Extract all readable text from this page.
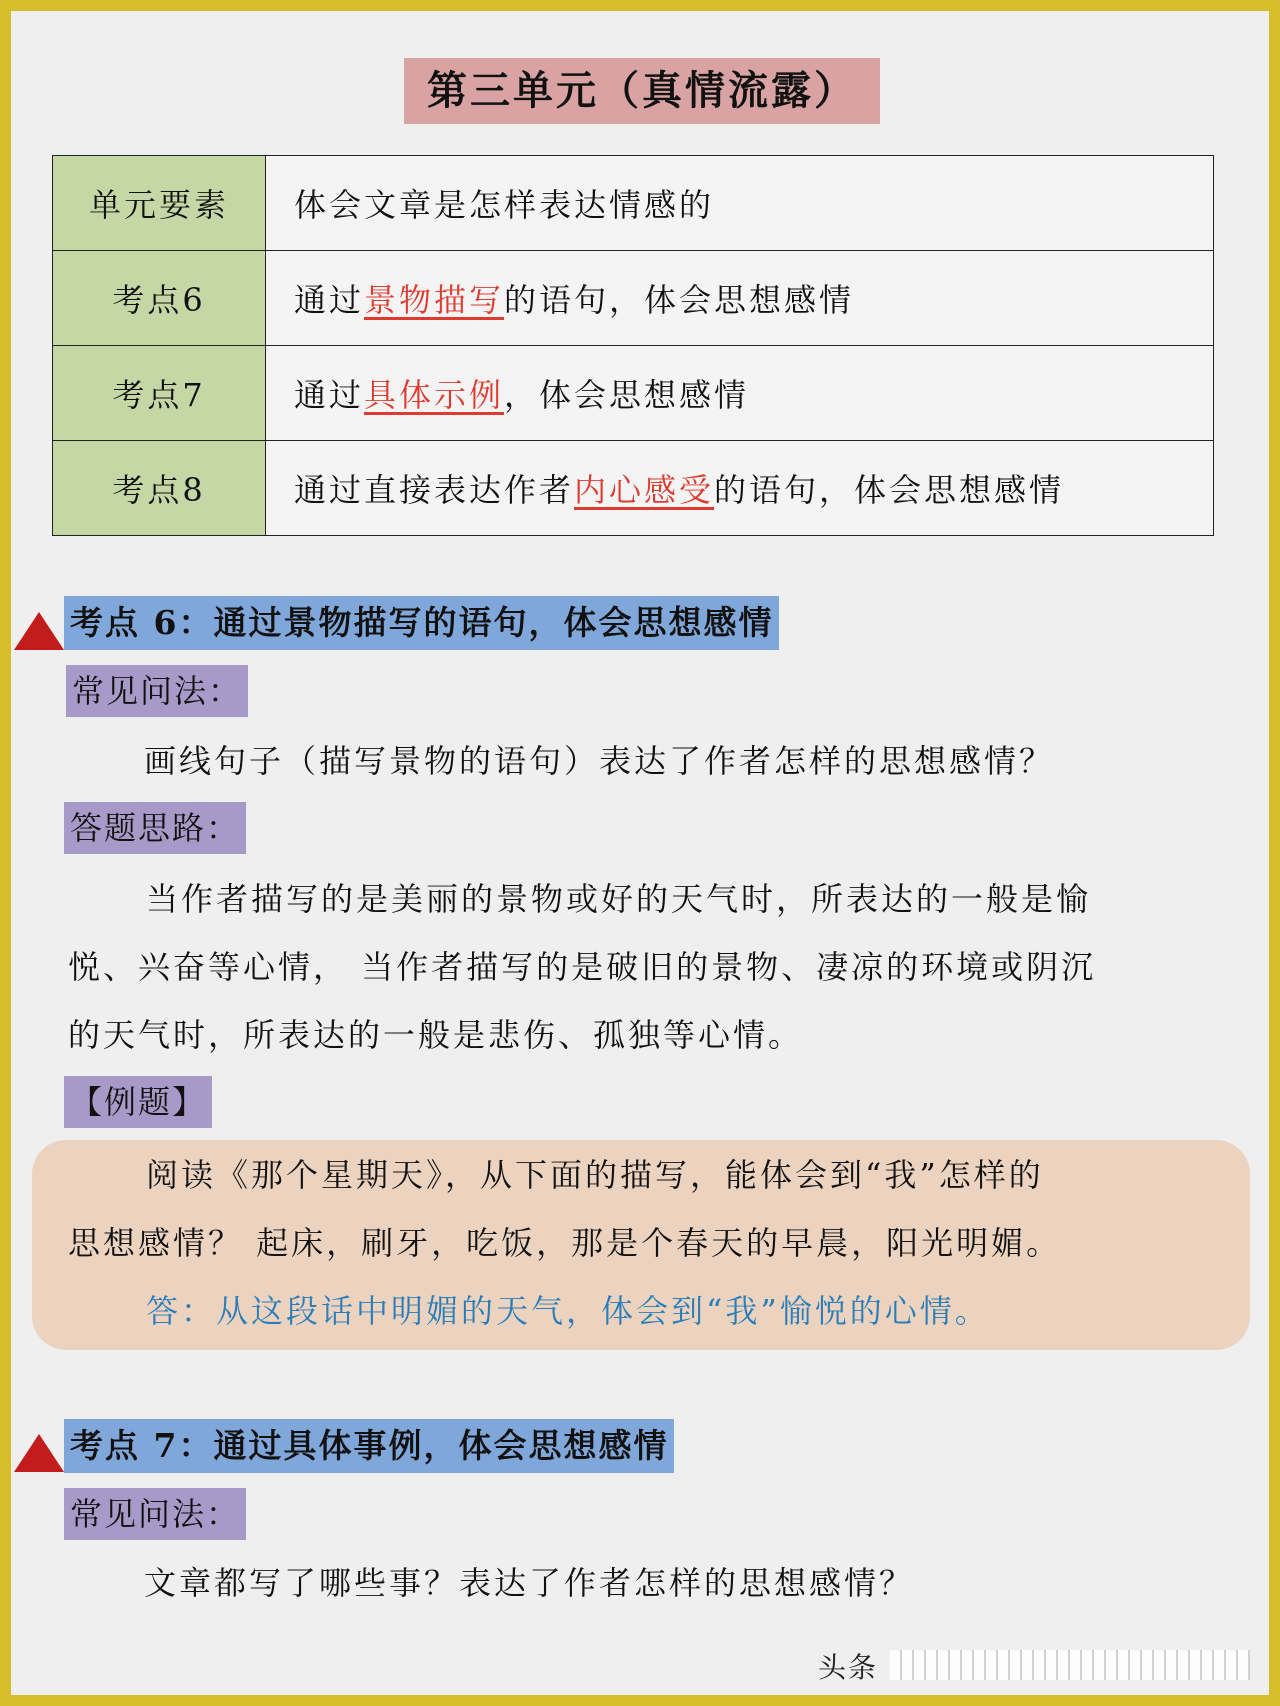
第三单元（真情流露）
单元要素	体会文章是怎样表达情感的
考点6	通过景物描写的语句，体会思想感情
考点7	通过具体示例，体会思想感情
考点8	通过直接表达作者内心感受的语句，体会思想感情
考点 6：通过景物描写的语句，体会思想感情
常见问法：
画线句子（描写景物的语句）表达了作者怎样的思想感情？
答题思路：
当作者描写的是美丽的景物或好的天气时，所表达的一般是愉
悦、兴奋等心情， 当作者描写的是破旧的景物、凄凉的环境或阴沉
的天气时，所表达的一般是悲伤、孤独等心情。
【例题】
阅读《那个星期天》，从下面的描写，能体会到“我”怎样的
思想感情？ 起床，刷牙，吃饭，那是个春天的早晨，阳光明媚。
答：从这段话中明媚的天气，体会到“我”愉悦的心情。
考点 7：通过具体事例，体会思想感情
常见问法：
文章都写了哪些事？表达了作者怎样的思想感情？
头条
